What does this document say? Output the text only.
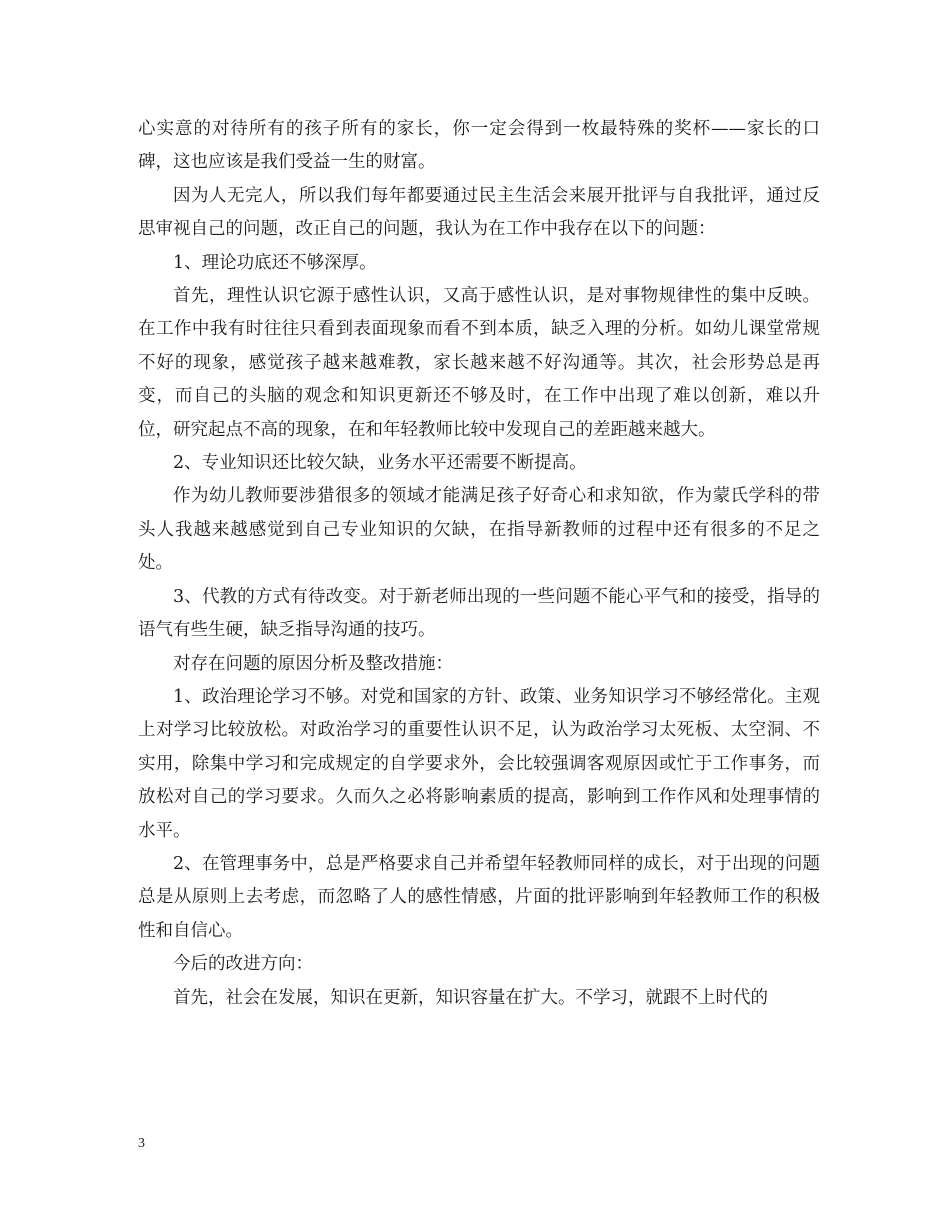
心实意的对待所有的孩子所有的家长，你一定会得到一枚最特殊的奖杯——家长的口碑，这也应该是我们受益一生的财富。

因为人无完人，所以我们每年都要通过民主生活会来展开批评与自我批评，通过反思审视自己的问题，改正自己的问题，我认为在工作中我存在以下的问题：

1、理论功底还不够深厚。

首先，理性认识它源于感性认识，又高于感性认识，是对事物规律性的集中反映。在工作中我有时往往只看到表面现象而看不到本质，缺乏入理的分析。如幼儿课堂常规不好的现象，感觉孩子越来越难教，家长越来越不好沟通等。其次，社会形势总是再变，而自己的头脑的观念和知识更新还不够及时，在工作中出现了难以创新，难以升位，研究起点不高的现象，在和年轻教师比较中发现自己的差距越来越大。

2、专业知识还比较欠缺，业务水平还需要不断提高。

作为幼儿教师要涉猎很多的领域才能满足孩子好奇心和求知欲，作为蒙氏学科的带头人我越来越感觉到自己专业知识的欠缺，在指导新教师的过程中还有很多的不足之处。

3、代教的方式有待改变。对于新老师出现的一些问题不能心平气和的接受，指导的语气有些生硬，缺乏指导沟通的技巧。

对存在问题的原因分析及整改措施：

1、政治理论学习不够。对党和国家的方针、政策、业务知识学习不够经常化。主观上对学习比较放松。对政治学习的重要性认识不足，认为政治学习太死板、太空洞、不实用，除集中学习和完成规定的自学要求外，会比较强调客观原因或忙于工作事务，而放松对自己的学习要求。久而久之必将影响素质的提高，影响到工作作风和处理事情的水平。

2、在管理事务中，总是严格要求自己并希望年轻教师同样的成长，对于出现的问题总是从原则上去考虑，而忽略了人的感性情感，片面的批评影响到年轻教师工作的积极性和自信心。

今后的改进方向：

首先，社会在发展，知识在更新，知识容量在扩大。不学习，就跟不上时代的

3
